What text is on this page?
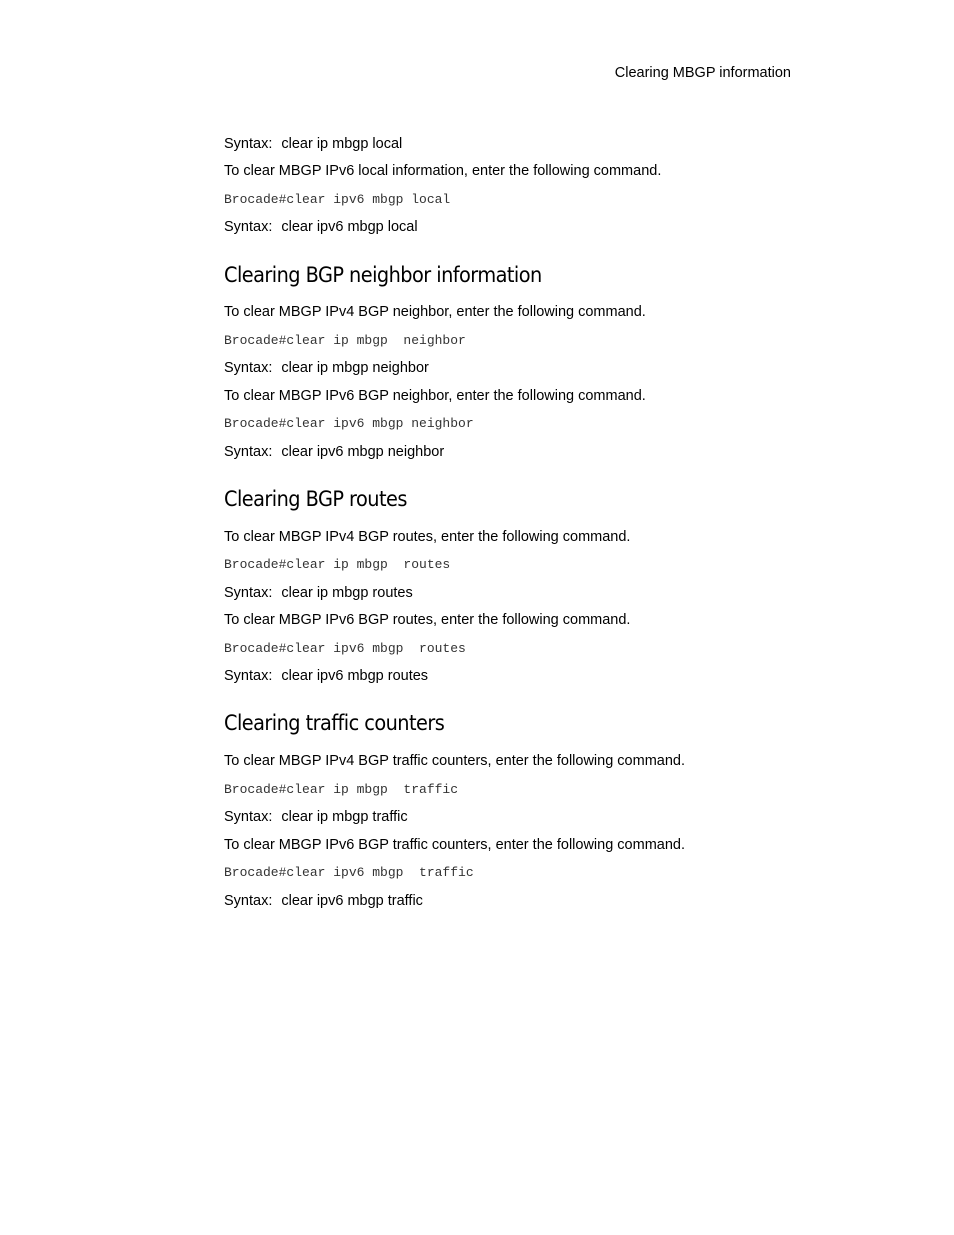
Clearing MBGP information
Syntax: clear ip mbgp local
To clear MBGP IPv6 local information, enter the following command.
Brocade#clear ipv6 mbgp local
Syntax: clear ipv6 mbgp local
Clearing BGP neighbor information
To clear MBGP IPv4 BGP neighbor, enter the following command.
Brocade#clear ip mbgp  neighbor
Syntax: clear ip mbgp neighbor
To clear MBGP IPv6 BGP neighbor, enter the following command.
Brocade#clear ipv6 mbgp neighbor
Syntax: clear ipv6 mbgp neighbor
Clearing BGP routes
To clear MBGP IPv4 BGP routes, enter the following command.
Brocade#clear ip mbgp  routes
Syntax: clear ip mbgp routes
To clear MBGP IPv6 BGP routes, enter the following command.
Brocade#clear ipv6 mbgp  routes
Syntax: clear ipv6 mbgp routes
Clearing traffic counters
To clear MBGP IPv4 BGP traffic counters, enter the following command.
Brocade#clear ip mbgp  traffic
Syntax: clear ip mbgp traffic
To clear MBGP IPv6 BGP traffic counters, enter the following command.
Brocade#clear ipv6 mbgp  traffic
Syntax: clear ipv6 mbgp traffic
